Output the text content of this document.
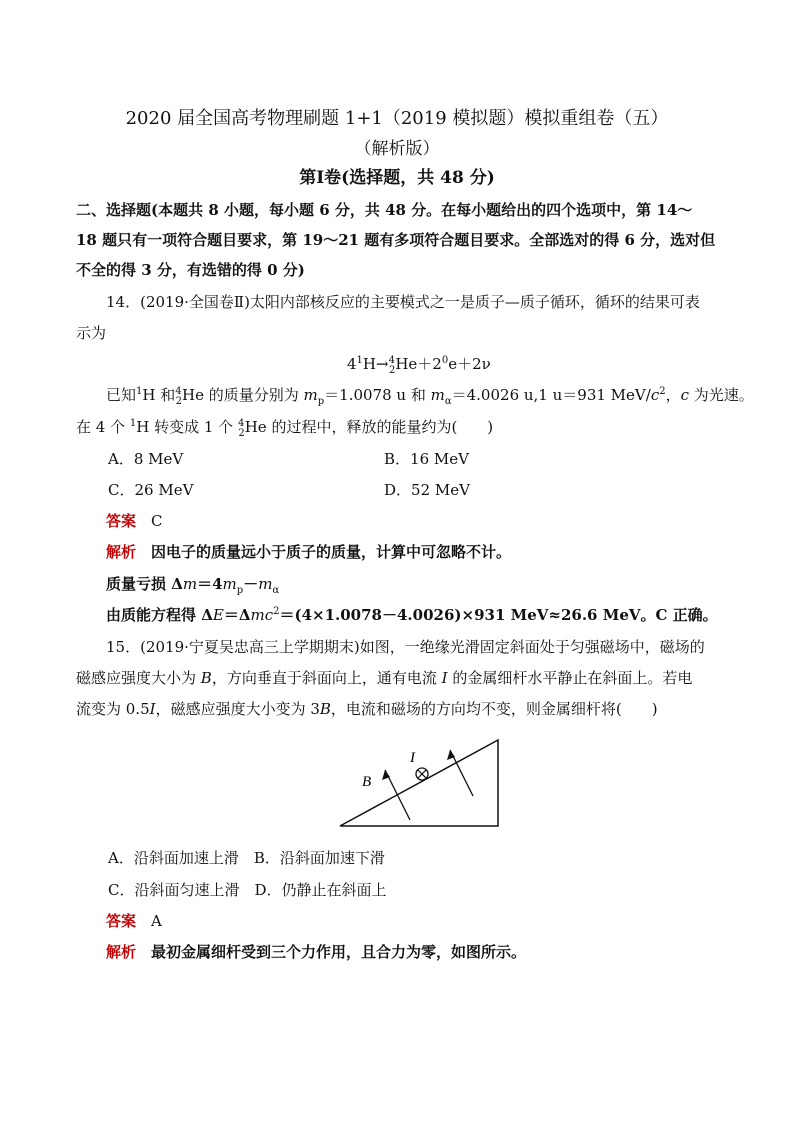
2020 届全国高考物理刷题 1+1（2019 模拟题）模拟重组卷（五）
（解析版）
第Ⅰ卷(选择题，共 48 分)
二、选择题(本题共 8 小题，每小题 6 分，共 48 分。在每小题给出的四个选项中，第 14～
18 题只有一项符合题目要求，第 19～21 题有多项符合题目要求。全部选对的得 6 分，选对但
不全的得 3 分，有选错的得 0 分)
14．(2019·全国卷Ⅱ)太阳内部核反应的主要模式之一是质子—质子循环，循环的结果可表
示为
$4^1H\to^4_2He+2^0e+2\nu$
已知$^1$H 和$^4_2$He 的质量分别为 $m_p=1.0078$ u 和 $m_\alpha=4.0026$ u,1 u＝931 MeV/$c^2$，c 为光速。
在 4 个 $^1$H 转变成 1 个 $^4_2$He 的过程中，释放的能量约为(　　)
A．8 MeV	B．16 MeV
C．26 MeV	D．52 MeV
答案　 C
解析　 因电子的质量远小于质子的质量，计算中可忽略不计。
质量亏损 $\Delta m=4m_p-m_\alpha$
由质能方程得 ΔE＝Δmc$^2$＝(4×1.0078－4.0026)×931 MeV≈26.6 MeV。C 正确。
15．(2019·宁夏吴忠高三上学期期末)如图，一绝缘光滑固定斜面处于匀强磁场中，磁场的
磁感应强度大小为 B，方向垂直于斜面向上，通有电流 I 的金属细杆水平静止在斜面上。若电
流变为 0.5I，磁感应强度大小变为 3B，电流和磁场的方向均不变，则金属细杆将(　　)
B
I
A．沿斜面加速上滑　B．沿斜面加速下滑
C．沿斜面匀速上滑　D．仍静止在斜面上
答案　 A
解析　 最初金属细杆受到三个力作用，且合力为零，如图所示。
